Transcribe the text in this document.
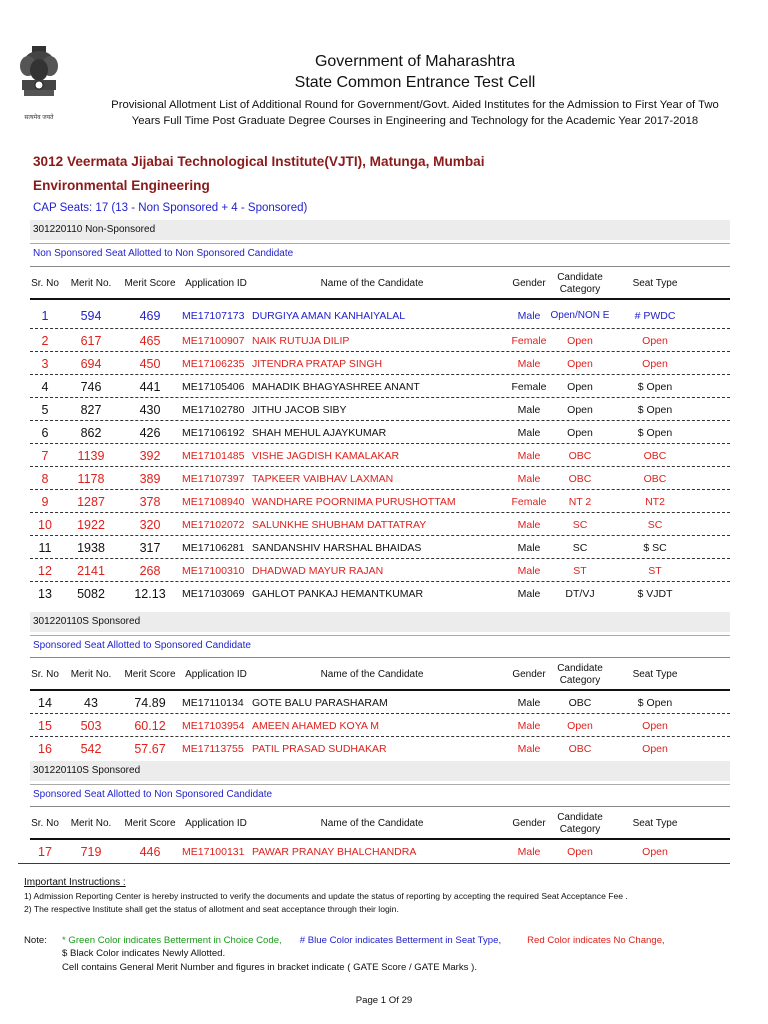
सत्यमेव जयते
Government of Maharashtra
State Common Entrance Test Cell
Provisional Allotment List of Additional Round for Government/Govt. Aided Institutes for the Admission to First Year of Two
Years Full Time Post Graduate Degree Courses in Engineering and Technology for the Academic Year 2017-2018
3012 Veermata Jijabai Technological Institute(VJTI), Matunga, Mumbai
Environmental Engineering
CAP Seats: 17 (13 - Non Sponsored + 4 - Sponsored)
301220110 Non-Sponsored
Non Sponsored Seat Allotted to Non Sponsored Candidate
Sr. No	Merit No.	Merit Score Application ID	Name of the Candidate	Gender
Candidate Category
Seat Type
1	594	469	ME17107173 DURGIYA AMAN KANHAIYALAL	Male	Open/NON E	# PWDC
2	617	465	ME17100907 NAIK RUTUJA DILIP	Female	Open	Open
3	694	450	ME17106235 JITENDRA PRATAP SINGH	Male	Open	Open
4	746	441	ME17105406 MAHADIK BHAGYASHREE ANANT	Female	Open	$ Open
5	827	430	ME17102780 JITHU JACOB SIBY	Male	Open	$ Open
6	862	426	ME17106192 SHAH MEHUL AJAYKUMAR	Male	Open	$ Open
7	1139	392	ME17101485 VISHE JAGDISH KAMALAKAR	Male	OBC	OBC
8	1178	389	ME17107397 TAPKEER VAIBHAV LAXMAN	Male	OBC	OBC
9	1287	378	ME17108940 WANDHARE POORNIMA PURUSHOTTAM	Female	NT 2	NT2
10	1922	320	ME17102072 SALUNKHE SHUBHAM DATTATRAY	Male	SC	SC
11	1938	317	ME17106281 SANDANSHIV HARSHAL BHAIDAS	Male	SC	$ SC
12	2141	268	ME17100310 DHADWAD MAYUR RAJAN	Male	ST	ST
13	5082	12.13	ME17103069 GAHLOT PANKAJ HEMANTKUMAR	Male	DT/VJ	$ VJDT
301220110S Sponsored
Sponsored Seat Allotted to Sponsored Candidate
Sr. No	Merit No.	Merit Score Application ID	Name of the Candidate	Gender
Candidate Category
Seat Type
14	43	74.89	ME17110134 GOTE BALU PARASHARAM	Male	OBC	$ Open
15	503	60.12	ME17103954 AMEEN AHAMED KOYA M	Male	Open	Open
16	542	57.67	ME17113755 PATIL PRASAD SUDHAKAR	Male	OBC	Open
301220110S Sponsored
Sponsored Seat Allotted to Non Sponsored Candidate
Sr. No	Merit No.	Merit Score Application ID	Name of the Candidate	Gender
Candidate Category
Seat Type
17	719	446	ME17100131 PAWAR PRANAY BHALCHANDRA	Male	Open	Open
Important Instructions :
1) Admission Reporting Center is hereby instructed to verify the documents and update the status of reporting by accepting the required Seat Acceptance Fee .
2) The respective Institute shall get the status of allotment and seat acceptance through their login.
Note: * Green Color indicates Betterment in Choice Code, # Blue Color indicates Betterment in Seat Type,	Red Color indicates No Change,
$ Black Color indicates Newly Allotted.
Cell contains General Merit Number and figures in bracket indicate ( GATE Score / GATE Marks ).
Page 1 Of 29
